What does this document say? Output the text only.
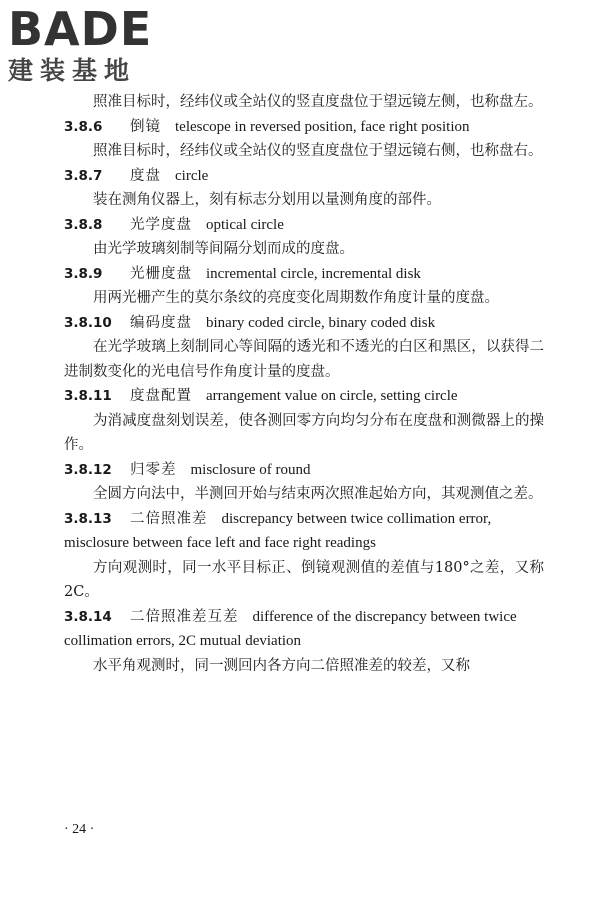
BADE
建装基地

照准目标时，经纬仪或全站仪的竖直度盘位于望远镜左侧，也称盘左。

3.8.6 倒镜 telescope in reversed position, face right position

照准目标时，经纬仪或全站仪的竖直度盘位于望远镜右侧，也称盘右。

3.8.7 度盘 circle

装在测角仪器上，刻有标志分划用以量测角度的部件。

3.8.8 光学度盘 optical circle

由光学玻璃刻制等间隔分划而成的度盘。

3.8.9 光栅度盘 incremental circle, incremental disk

用两光栅产生的莫尔条纹的亮度变化周期数作角度计量的度盘。

3.8.10 编码度盘 binary coded circle, binary coded disk

在光学玻璃上刻制同心等间隔的透光和不透光的白区和黑区，以获得二进制数变化的光电信号作角度计量的度盘。

3.8.11 度盘配置 arrangement value on circle, setting circle

为消减度盘刻划误差，使各测回零方向均匀分布在度盘和测微器上的操作。

3.8.12 归零差 misclosure of round

全圆方向法中，半测回开始与结束两次照准起始方向，其观测值之差。

3.8.13 二倍照准差 discrepancy between twice collimation error, misclosure between face left and face right readings

方向观测时，同一水平目标正、倒镜观测值的差值与180°之差，又称2C。

3.8.14 二倍照准差互差 difference of the discrepancy between twice collimation errors, 2C mutual deviation

水平角观测时，同一测回内各方向二倍照准差的较差，又称

· 24 ·
